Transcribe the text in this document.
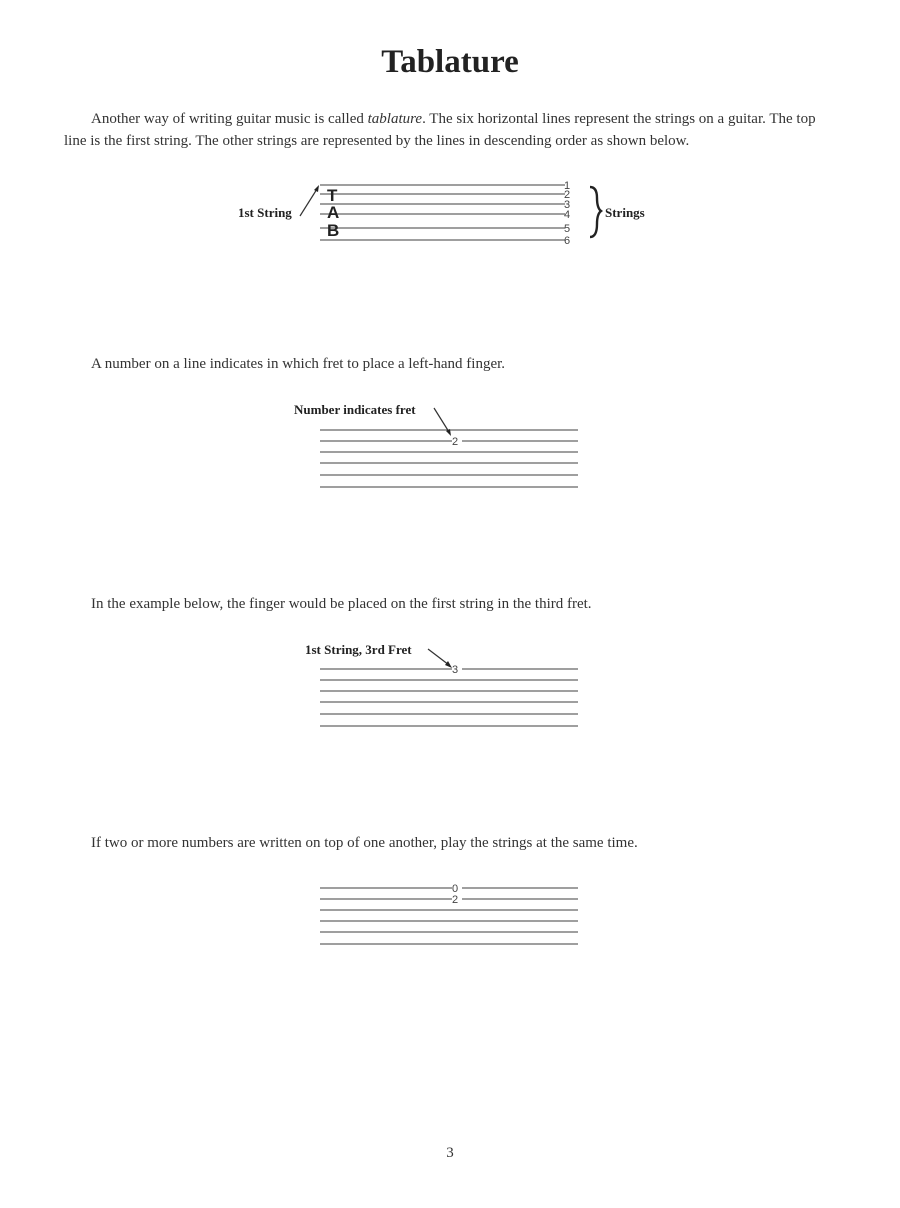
Tablature

Another way of writing guitar music is called tablature. The six horizontal lines represent the strings on a guitar. The top line is the first string. The other strings are represented by the lines in descending order as shown below.

T
A
B
1
2
3
4
5
6
1st String	Strings

A number on a line indicates in which fret to place a left-hand finger.

2
Number indicates fret

In the example below, the finger would be placed on the first string in the third fret.

3
1st String, 3rd Fret

If two or more numbers are written on top of one another, play the strings at the same time.

0
2
3
